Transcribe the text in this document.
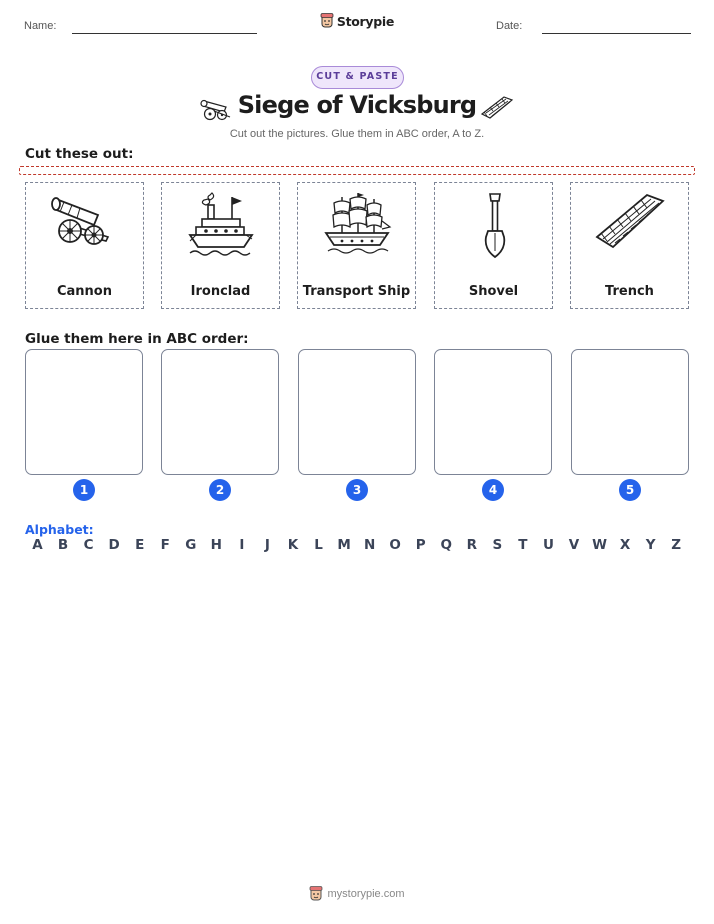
Name:	Storypie	Date:
CUT & PASTE
Siege of Vicksburg
Cut out the pictures. Glue them in ABC order, A to Z.
Cut these out:
Cannon	Ironclad	Transport Ship	Shovel	Trench
Glue them here in ABC order:
1	2	3	4	5
Alphabet:
A	B	C	D	E	F	G	H	I	J	K	L	M N	O	P	Q	R	S	T	U	V W X	Y	Z
mystorypie.com
